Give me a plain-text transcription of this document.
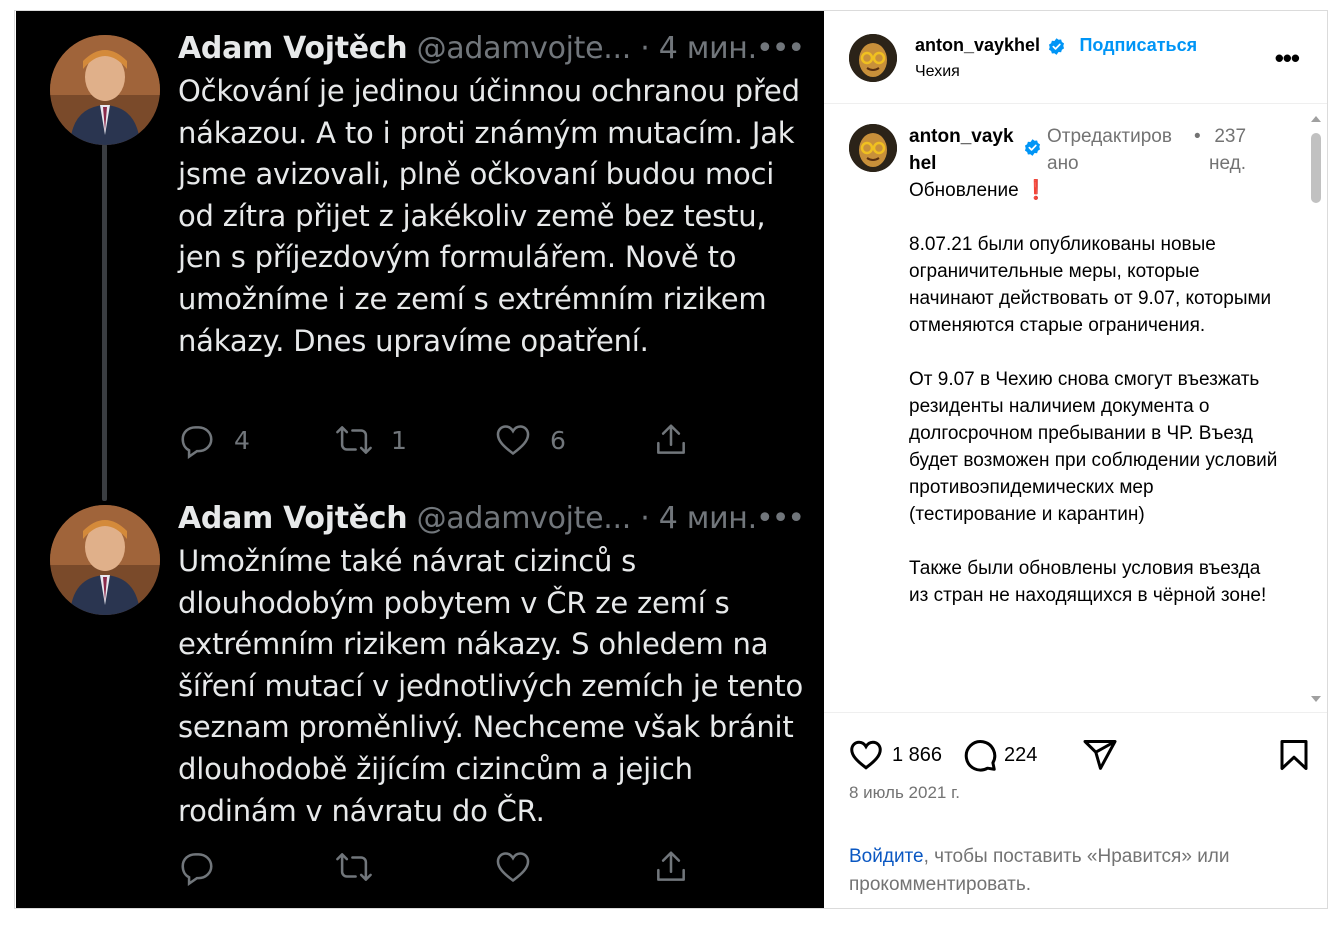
Adam Vojtěch @adamvojte... · 4 мин. •••
Očkování je jedinou účinnou ochranou před nákazou. A to i proti známým mutacím. Jak jsme avizovali, plně očkovaní budou moci od zítra přijet z jakékoliv země bez testu, jen s příjezdovým formulářem. Nově to umožníme i ze zemí s extrémním rizikem nákazy. Dnes upravíme opatření.
4	1	6
Adam Vojtěch @adamvojte... · 4 мин. •••
Umožníme také návrat cizinců s dlouhodobým pobytem v ČR ze zemí s extrémním rizikem nákazy. S ohledem na šíření mutací v jednotlivých zemích je tento seznam proměnlivý. Nechceme však bránit dlouhodobě žijícím cizincům a jejich rodinám v návratu do ČR.
anton_vaykhel Подписаться
Чехия	•••
anton_vayk
hel
Отредактиров
ано
• 237
нед.
Обновление ❗

8.07.21 были опубликованы новые ограничительные меры, которые начинают действовать от 9.07, которыми отменяются старые ограничения.

От 9.07 в Чехию снова смогут въезжать резиденты наличием документа о долгосрочном пребывании в ЧР. Въезд будет возможен при соблюдении условий противоэпидемических мер (тестирование и карантин)

Также были обновлены условия въезда из стран не находящихся в чёрной зоне!

1 866	224
8 июль 2021 г.
Войдите, чтобы поставить «Нравится» или прокомментировать.
